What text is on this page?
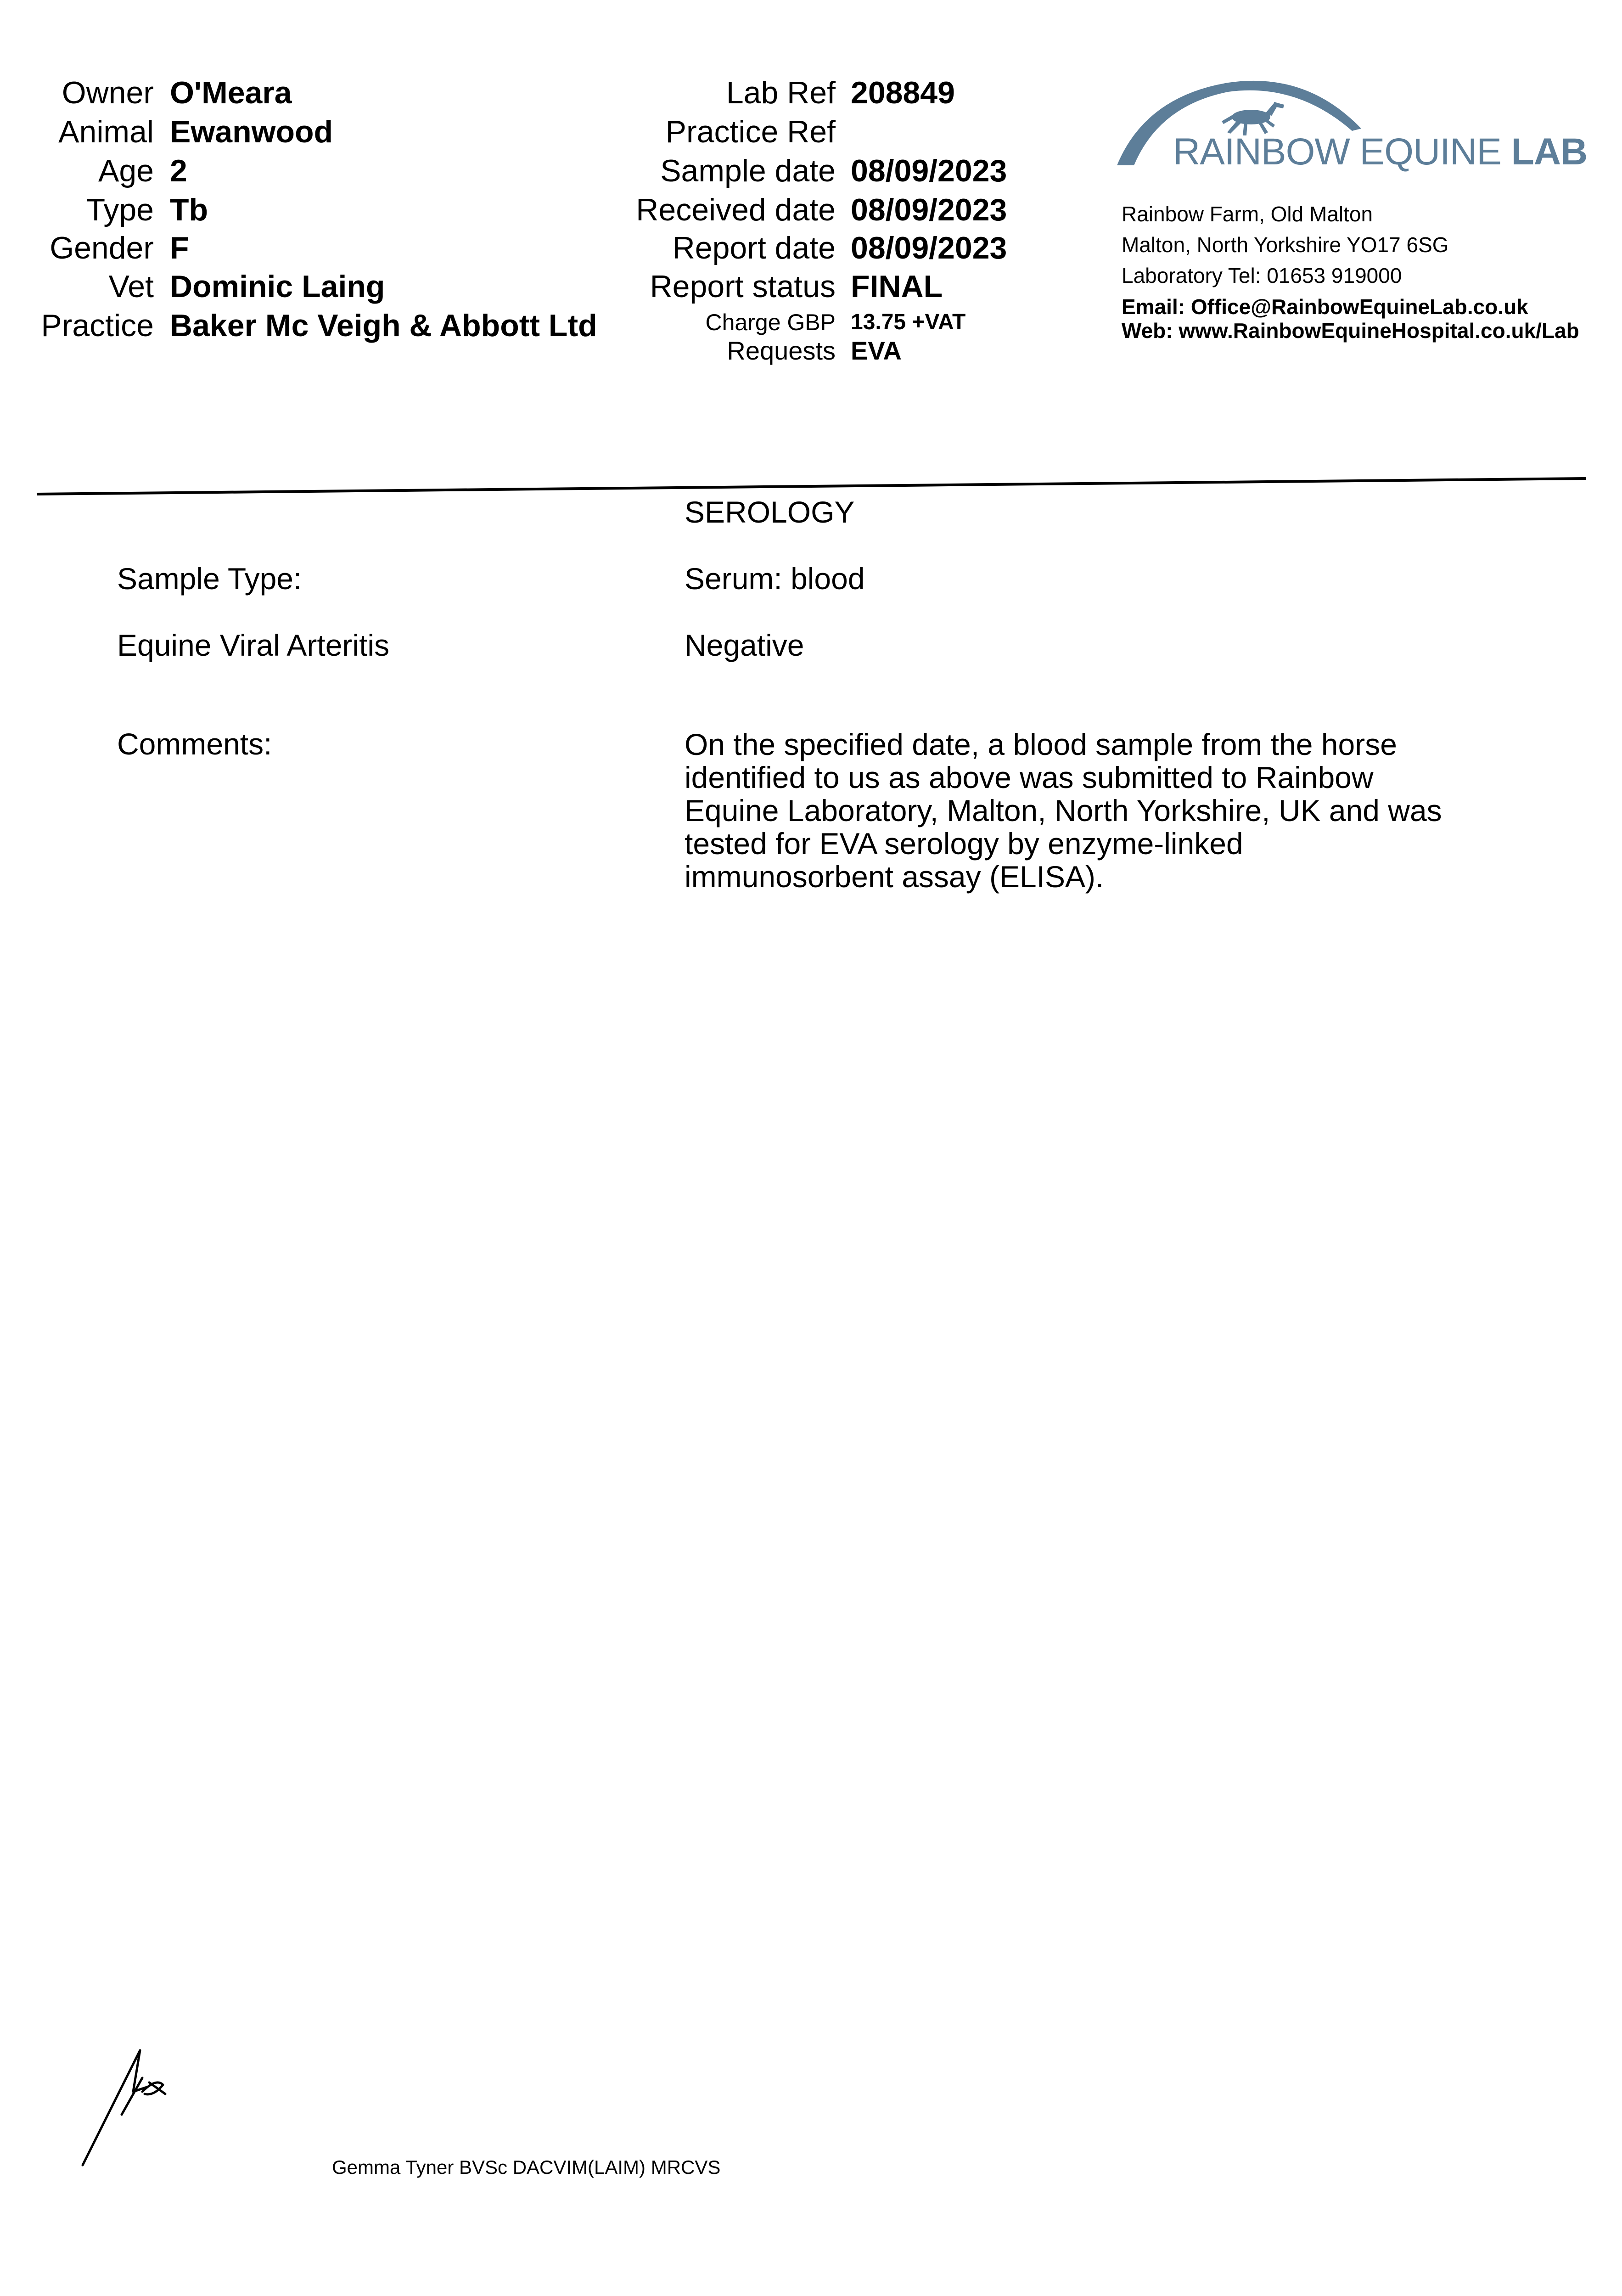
Owner O'Meara
Animal Ewanwood
Age 2
Type Tb
Gender F
Vet Dominic Laing
Practice Baker Mc Veigh & Abbott Ltd
Lab Ref 208849
Practice Ref
Sample date 08/09/2023
Received date 08/09/2023
Report date 08/09/2023
Report status FINAL
Charge GBP 13.75 +VAT
Requests EVA
RAINBOW EQUINE LAB
Rainbow Farm, Old Malton
Malton, North Yorkshire YO17 6SG
Laboratory Tel: 01653 919000
Email: Office@RainbowEquineLab.co.uk
Web: www.RainbowEquineHospital.co.uk/Lab
SEROLOGY
Sample Type:	Serum: blood
Equine Viral Arteritis	Negative
Comments:	On the specified date, a blood sample from the horse identified to us as above was submitted to Rainbow Equine Laboratory, Malton, North Yorkshire, UK and was tested for EVA serology by enzyme-linked immunosorbent assay (ELISA).
Gemma Tyner BVSc DACVIM(LAIM) MRCVS
